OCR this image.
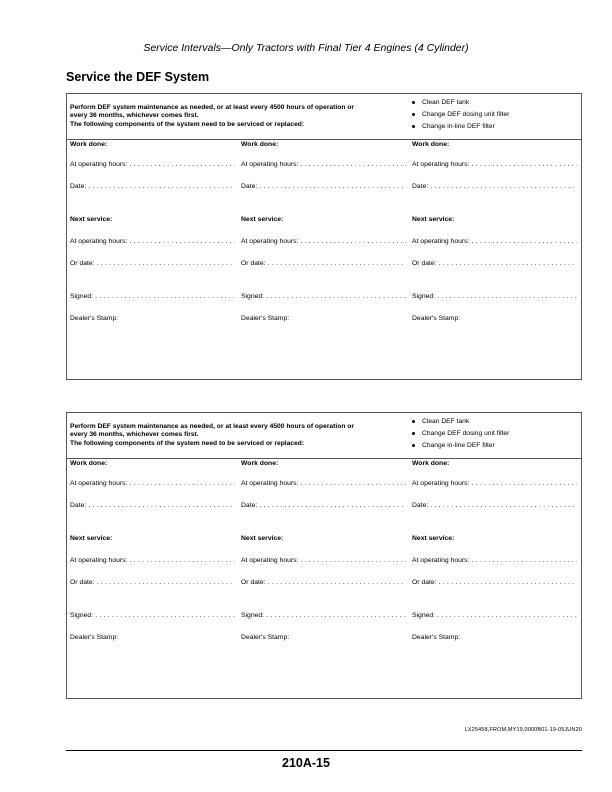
Service Intervals—Only Tractors with Final Tier 4 Engines (4 Cylinder)
Service the DEF System
Perform DEF system maintenance as needed, or at least every 4500 hours of operation or
every 36 months, whichever comes first.
The following components of the system need to be serviced or replaced:
Clean DEF tank
Change DEF dosing unit filter
Change in-line DEF filter
Work done:
At operating hours: . . .
Date: . . .
Next service:
At operating hours: . . .
Or date: . . .
Signed: . . .
Dealer's Stamp:
Work done:
At operating hours: . . .
Date: . . .
Next service:
At operating hours: . . .
Or date: . . .
Signed: . . .
Dealer's Stamp:
Work done:
At operating hours: . . .
Date: . . .
Next service:
At operating hours: . . .
Or date: . . .
Signed: . . .
Dealer's Stamp:
Perform DEF system maintenance as needed, or at least every 4500 hours of operation or
every 36 months, whichever comes first.
The following components of the system need to be serviced or replaced:
Clean DEF tank
Change DEF dosing unit filter
Change in-line DEF filter
Work done:
At operating hours: . . .
Date: . . .
Next service:
At operating hours: . . .
Or date: . . .
Signed: . . .
Dealer's Stamp:
Work done:
At operating hours: . . .
Date: . . .
Next service:
At operating hours: . . .
Or date: . . .
Signed: . . .
Dealer's Stamp:
Work done:
At operating hours: . . .
Date: . . .
Next service:
At operating hours: . . .
Or date: . . .
Signed: . . .
Dealer's Stamp:
LX25458,FROM,MY19,0000B01-19-05JUN20
210A-15
